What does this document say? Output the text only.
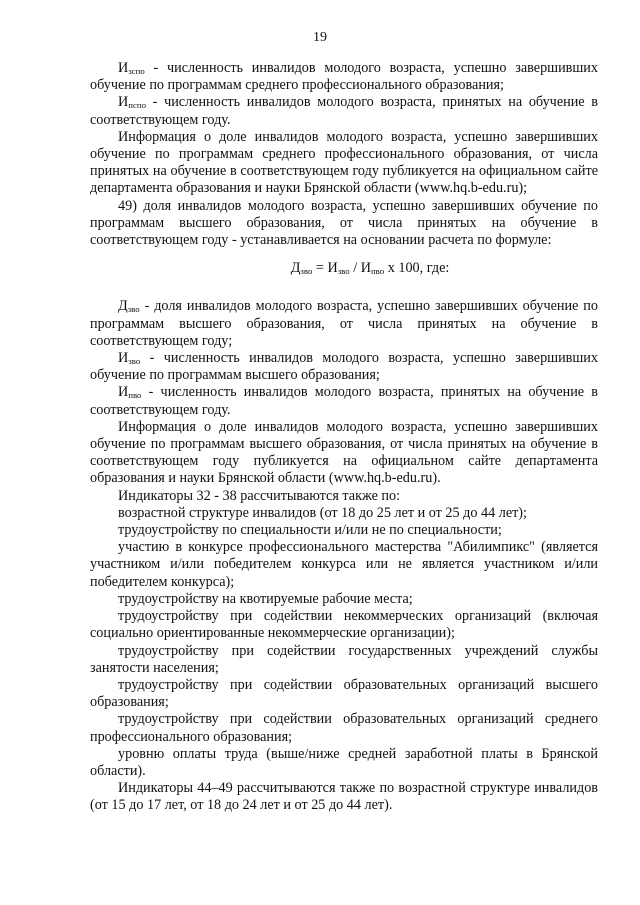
19

$И_{зспо}$ - численность инвалидов молодого возраста, успешно завершивших обучение по программам среднего профессионального образования;

$И_{пспо}$ - численность инвалидов молодого возраста, принятых на обучение в соответствующем году.

Информация о доле инвалидов молодого возраста, успешно завершивших обучение по программам среднего профессионального образования, от числа принятых на обучение в соответствующем году публикуется на официальном сайте департамента образования и науки Брянской области (www.hq.b-edu.ru);

49) доля инвалидов молодого возраста, успешно завершивших обучение по программам высшего образования, от числа принятых на обучение в соответствующем году - устанавливается на основании расчета по формуле:

$Д_{зво} = И_{зво} / И_{пво}$ х 100, где:

$Д_{зво}$ - доля инвалидов молодого возраста, успешно завершивших обучение по программам высшего образования, от числа принятых на обучение в соответствующем году;

$И_{зво}$ - численность инвалидов молодого возраста, успешно завершивших обучение по программам высшего образования;

$И_{пво}$ - численность инвалидов молодого возраста, принятых на обучение в соответствующем году.

Информация о доле инвалидов молодого возраста, успешно завершивших обучение по программам высшего образования, от числа принятых на обучение в соответствующем году публикуется на официальном сайте департамента образования и науки Брянской области (www.hq.b-edu.ru).

Индикаторы 32 - 38 рассчитываются также по:

возрастной структуре инвалидов (от 18 до 25 лет и от 25 до 44 лет);

трудоустройству по специальности и/или не по специальности;

участию в конкурсе профессионального мастерства "Абилимпикс" (является участником и/или победителем конкурса или не является участником и/или победителем конкурса);

трудоустройству на квотируемые рабочие места;

трудоустройству при содействии некоммерческих организаций (включая социально ориентированные некоммерческие организации);

трудоустройству при содействии государственных учреждений службы занятости населения;

трудоустройству при содействии образовательных организаций высшего образования;

трудоустройству при содействии образовательных организаций среднего профессионального образования;

уровню оплаты труда (выше/ниже средней заработной платы в Брянской области).

Индикаторы 44–49 рассчитываются также по возрастной структуре инвалидов (от 15 до 17 лет, от 18 до 24 лет и от 25 до 44 лет).
